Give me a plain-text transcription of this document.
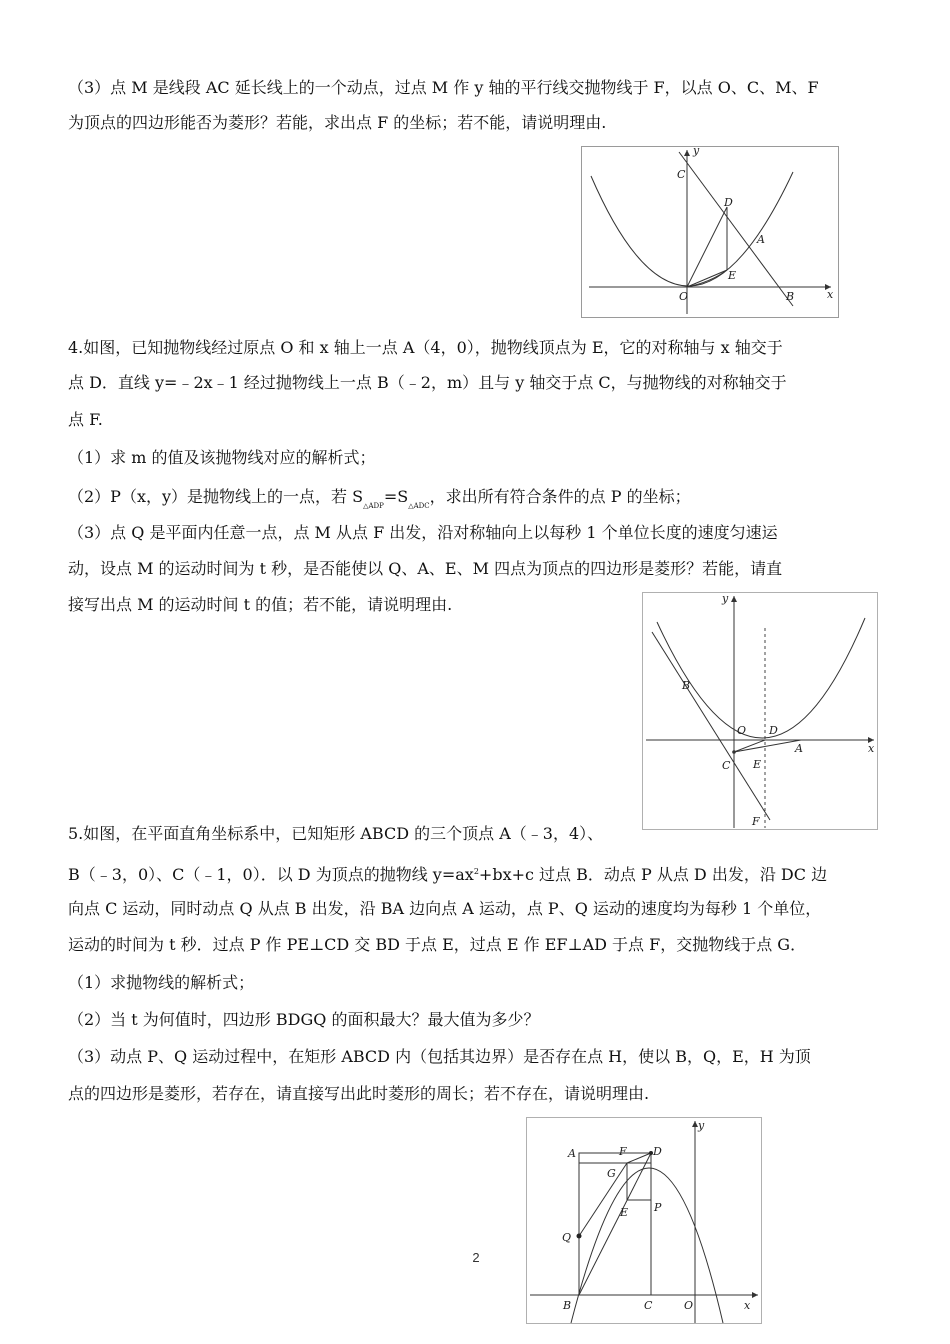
（3）点 M 是线段 AC 延长线上的一个动点，过点 M 作 y 轴的平行线交抛物线于 F，以点 O、C、M、F
为顶点的四边形能否为菱形？若能，求出点 F 的坐标；若不能，请说明理由.
y
C
D
A
E
O	B	x
4.如图，已知抛物线经过原点 O 和 x 轴上一点 A（4，0），抛物线顶点为 E，它的对称轴与 x 轴交于
点 D．直线 y=﹣2x﹣1 经过抛物线上一点 B（﹣2，m）且与 y 轴交于点 C，与抛物线的对称轴交于
点 F.
（1）求 m 的值及该抛物线对应的解析式；
（2）P（x，y）是抛物线上的一点，若 $S_{\triangle ADP}=S_{\triangle ADC}$，求出所有符合条件的点 P 的坐标；
（3）点 Q 是平面内任意一点，点 M 从点 F 出发，沿对称轴向上以每秒 1 个单位长度的速度匀速运
动，设点 M 的运动时间为 t 秒，是否能使以 Q、A、E、M 四点为顶点的四边形是菱形？若能，请直
接写出点 M 的运动时间 t 的值；若不能，请说明理由.	y
B
O D
A
C E
x
F
5.如图，在平面直角坐标系中，已知矩形 ABCD 的三个顶点 A（﹣3，4）、
B（﹣3，0）、C（﹣1，0）．以 D 为顶点的抛物线 $y=ax^2+bx+c$ 过点 B．动点 P 从点 D 出发，沿 DC 边
向点 C 运动，同时动点 Q 从点 B 出发，沿 BA 边向点 A 运动，点 P、Q 运动的速度均为每秒 1 个单位，
运动的时间为 t 秒．过点 P 作 PE⊥CD 交 BD 于点 E，过点 E 作 EF⊥AD 于点 F，交抛物线于点 G．
（1）求抛物线的解析式；
（2）当 t 为何值时，四边形 BDGQ 的面积最大？最大值为多少？
（3）动点 P、Q 运动过程中，在矩形 ABCD 内（包括其边界）是否存在点 H，使以 B，Q，E，H 为顶
点的四边形是菱形，若存在，请直接写出此时菱形的周长；若不存在，请说明理由.
y
A	F D
G
E P
Q
B	C	O	x
2
